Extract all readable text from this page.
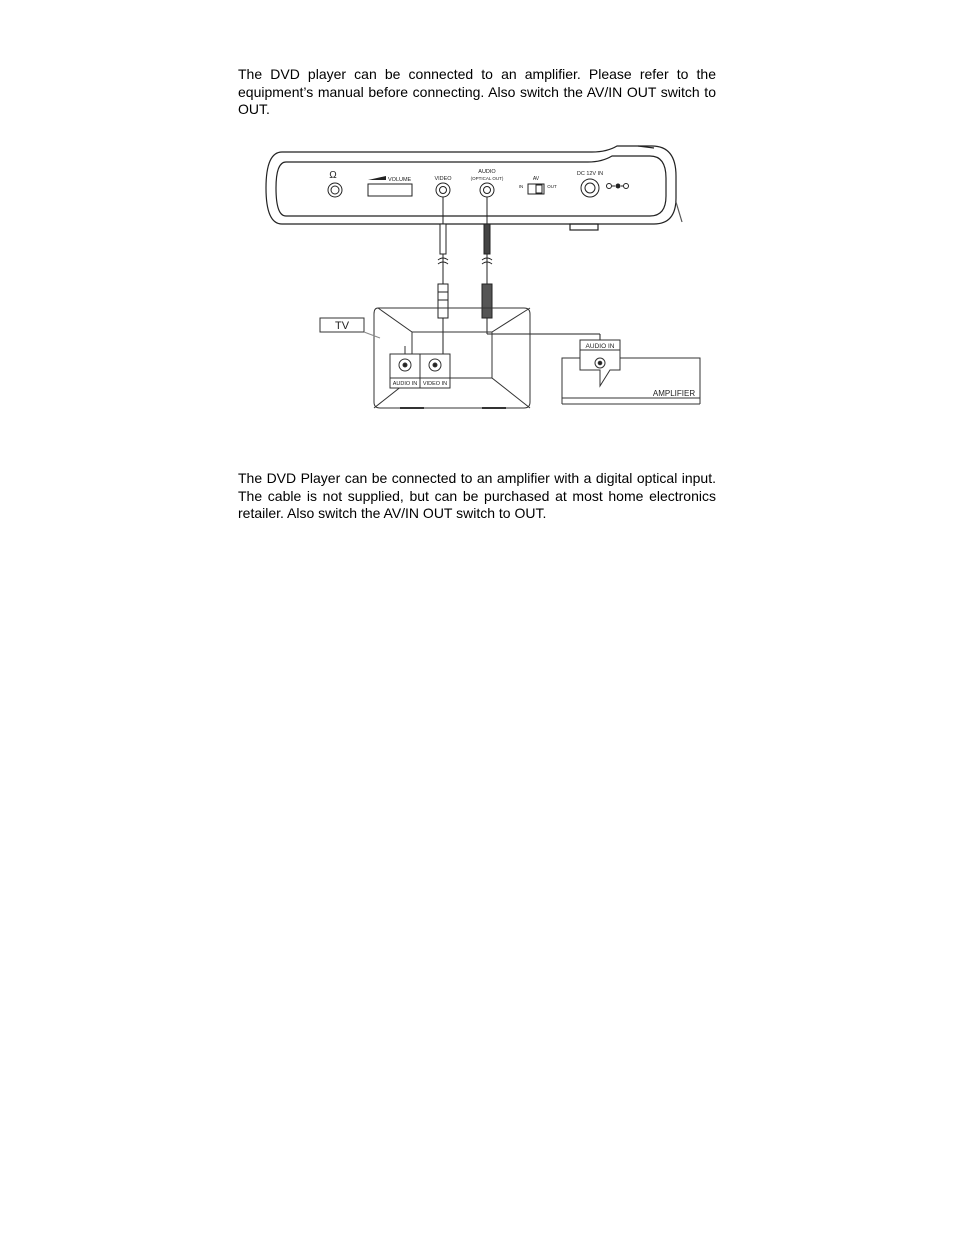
The DVD player can be connected to an amplifier. Please refer to the equipment’s manual before connecting. Also switch the AV/IN OUT switch to OUT.

Ω	VOLUME	VIDEO
AUDIO
(OPTICAL OUT)	AV
IN	OUT
DC 12V IN
TV
AUDIO IN VIDEO IN
AUDIO IN
AMPLIFIER

The DVD Player can be connected to an amplifier with a digital optical input. The cable is not supplied, but can be purchased at most home electronics retailer. Also switch the AV/IN OUT switch to OUT.
